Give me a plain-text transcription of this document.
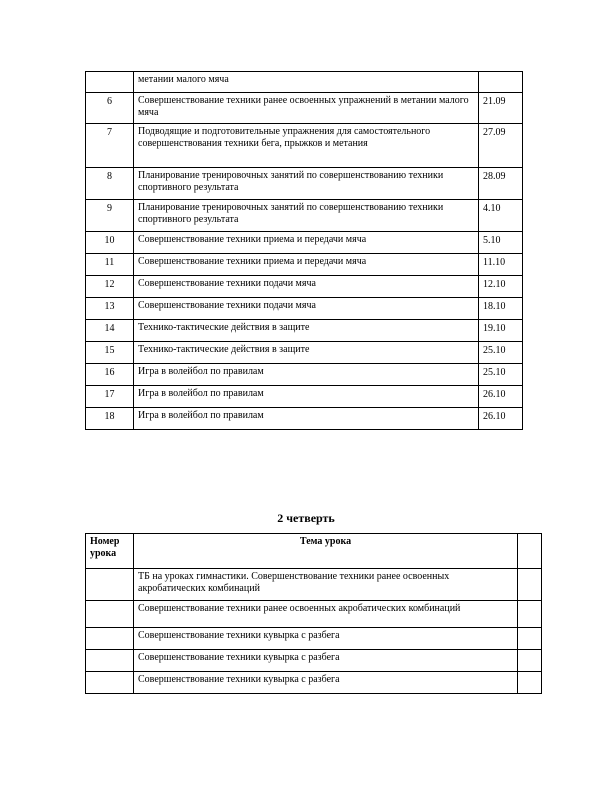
	метании малого мяча	
6	Совершенствование техники ранее освоенных упражнений в метании малого мяча	21.09
7	Подводящие и подготовительные упражнения для самостоятельного совершенствования техники бега, прыжков и метания	27.09
8	Планирование тренировочных занятий по совершенствованию техники спортивного результата	28.09
9	Планирование тренировочных занятий по совершенствованию техники спортивного результата	4.10
10	Совершенствование техники приема и передачи мяча	5.10
11	Совершенствование техники приема и передачи мяча	11.10
12	Совершенствование техники подачи мяча	12.10
13	Совершенствование техники подачи мяча	18.10
14	Технико-тактические действия в защите	19.10
15	Технико-тактические действия в защите	25.10
16	Игра в волейбол по правилам	25.10
17	Игра в волейбол по правилам	26.10
18	Игра в волейбол по правилам	26.10
2 четверть
Номер урока	Тема урока	
	ТБ на уроках гимнастики. Совершенствование техники ранее освоенных акробатических комбинаций	
	Совершенствование техники ранее освоенных акробатических комбинаций	
	Совершенствование техники кувырка с разбега	
	Совершенствование техники кувырка с разбега	
	Совершенствование техники кувырка с разбега	
